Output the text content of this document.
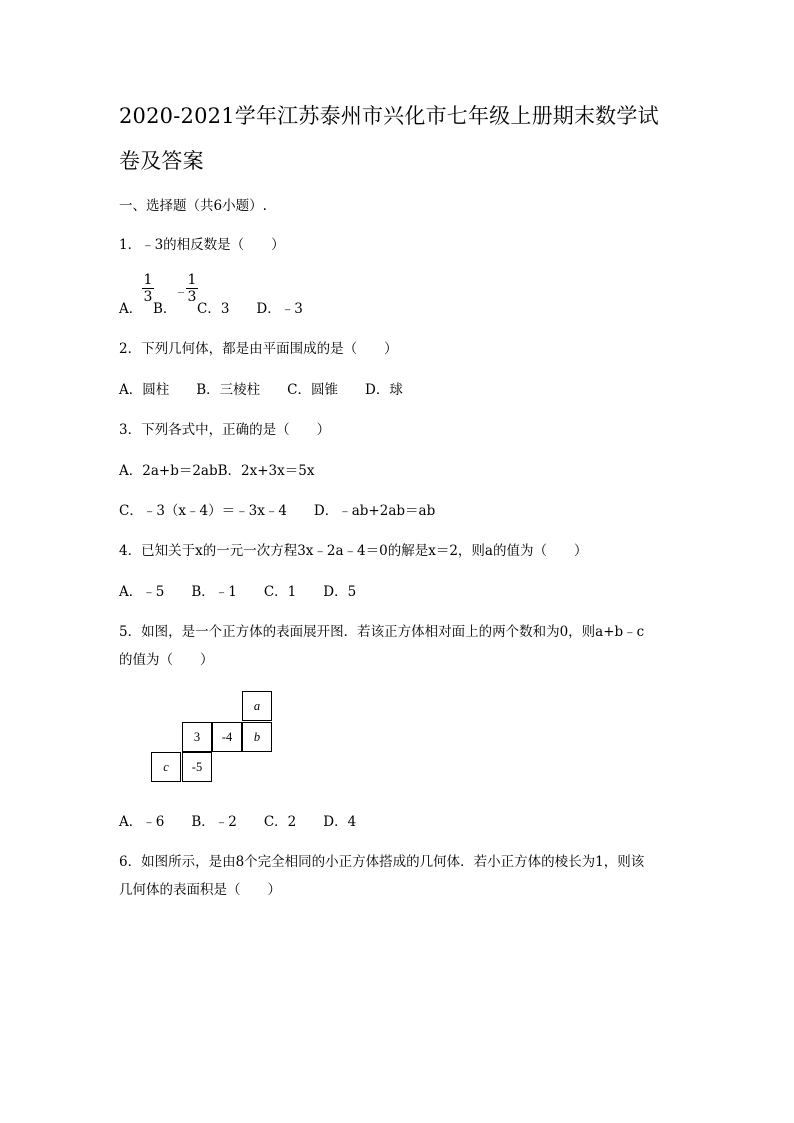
2020-2021学年江苏泰州市兴化市七年级上册期末数学试卷及答案
一、选择题（共6小题）.
1．﹣3的相反数是（　　）
A．
$\frac{1}{3}$
B．
_ $\frac{1}{3}$
C．3　　D．﹣3
2．下列几何体，都是由平面围成的是（　　）
A．圆柱　　B．三棱柱　　C．圆锥　　D．球
3．下列各式中，正确的是（　　）
A．2a+b＝2abB．2x+3x＝5x
C．﹣3（x﹣4）＝﹣3x﹣4　　D．﹣ab+2ab＝ab
4．已知关于x的一元一次方程3x﹣2a﹣4＝0的解是x＝2，则a的值为（　　）
A．﹣5　　B．﹣1　　C．1　　D．5
5．如图，是一个正方体的表面展开图．若该正方体相对面上的两个数和为0，则a+b﹣c
的值为（　　）
a
3	-4	b
c	-5
A．﹣6　　B．﹣2　　C．2　　D．4
6．如图所示，是由8个完全相同的小正方体搭成的几何体．若小正方体的棱长为1，则该
几何体的表面积是（　　）
